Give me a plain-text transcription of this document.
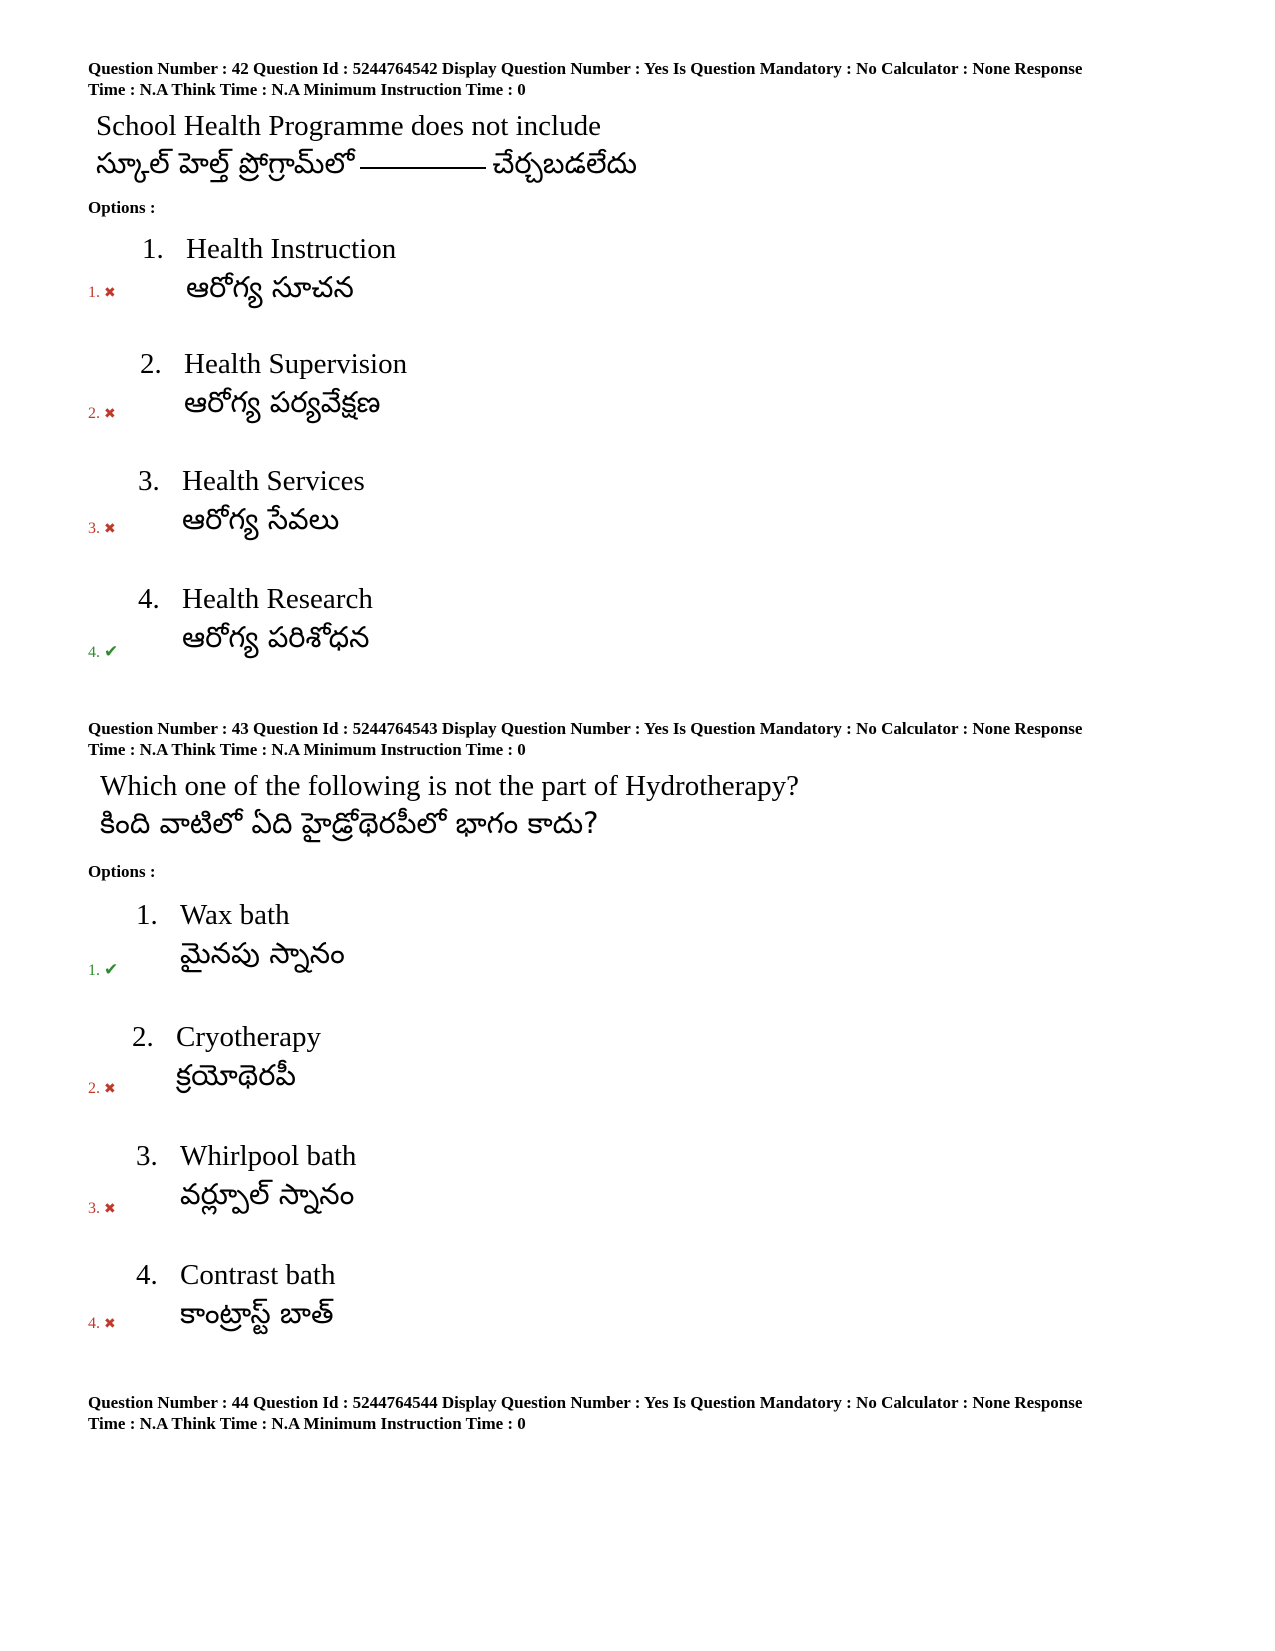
Question Number : 42 Question Id : 5244764542 Display Question Number : Yes Is Question Mandatory : No Calculator : None Response
Time : N.A Think Time : N.A Minimum Instruction Time : 0
School Health Programme does not include
స్కూల్ హెల్త్ ప్రోగ్రామ్‌లో	చేర్చబడలేదు
Options :
1. Health Instruction
ఆరోగ్య సూచన
1. ✖
2. Health Supervision
ఆరోగ్య పర్యవేక్షణ
2. ✖
3. Health Services
ఆరోగ్య సేవలు
3. ✖
4. Health Research
ఆరోగ్య పరిశోధన
4. ✔
Question Number : 43 Question Id : 5244764543 Display Question Number : Yes Is Question Mandatory : No Calculator : None Response
Time : N.A Think Time : N.A Minimum Instruction Time : 0
Which one of the following is not the part of Hydrotherapy?
కింది వాటిలో ఏది హైడ్రోథెరపీలో భాగం కాదు?
Options :
1. Wax bath
మైనపు స్నానం
1. ✔
2. Cryotherapy
క్రయోథెరపీ
2. ✖
3. Whirlpool bath
వర్ల్పూల్ స్నానం
3. ✖
4. Contrast bath
కాంట్రాస్ట్ బాత్
4. ✖
Question Number : 44 Question Id : 5244764544 Display Question Number : Yes Is Question Mandatory : No Calculator : None Response
Time : N.A Think Time : N.A Minimum Instruction Time : 0
